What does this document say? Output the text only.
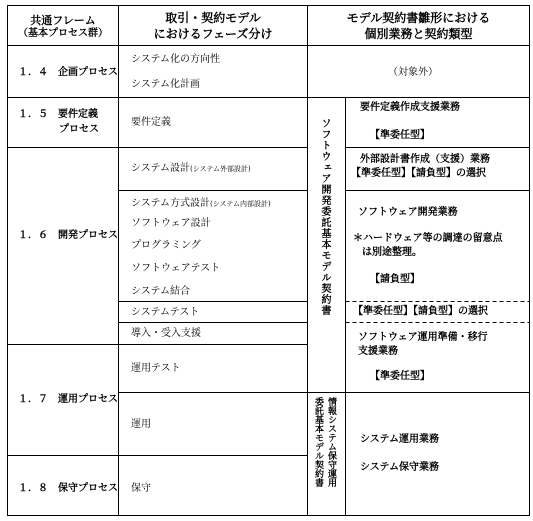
共通フレーム
（基本プロセス群）
取引・契約モデル
におけるフェーズ分け
モデル契約書雛形における
個別業務と契約類型
１．４　企画プロセス
１．５　要件定義
プロセス
１．６　開発プロセス
１．７　運用プロセス
１．８　保守プロセス
システム化の方向性
システム化計画
要件定義
システム設計(システム外部設計)
システム方式設計(システム内部設計)
ソフトウェア設計
プログラミング
ソフトウェアテスト
システム結合
システムテスト
導入・受入支援
運用テスト
運用
保守
ソフトウェア開発委託基本モデル契約書
情報システム保守運用
委託基本モデル契約書
（対象外）
要件定義作成支援業務
【準委任型】
外部設計書作成（支援）業務
【準委任型】【請負型】の選択
ソフトウェア開発業務
＊ハードウェア等の調達の留意点
は別途整理。
【請負型】
【準委任型】【請負型】の選択
ソフトウェア運用準備・移行
支援業務
【準委任型】
システム運用業務
システム保守業務
